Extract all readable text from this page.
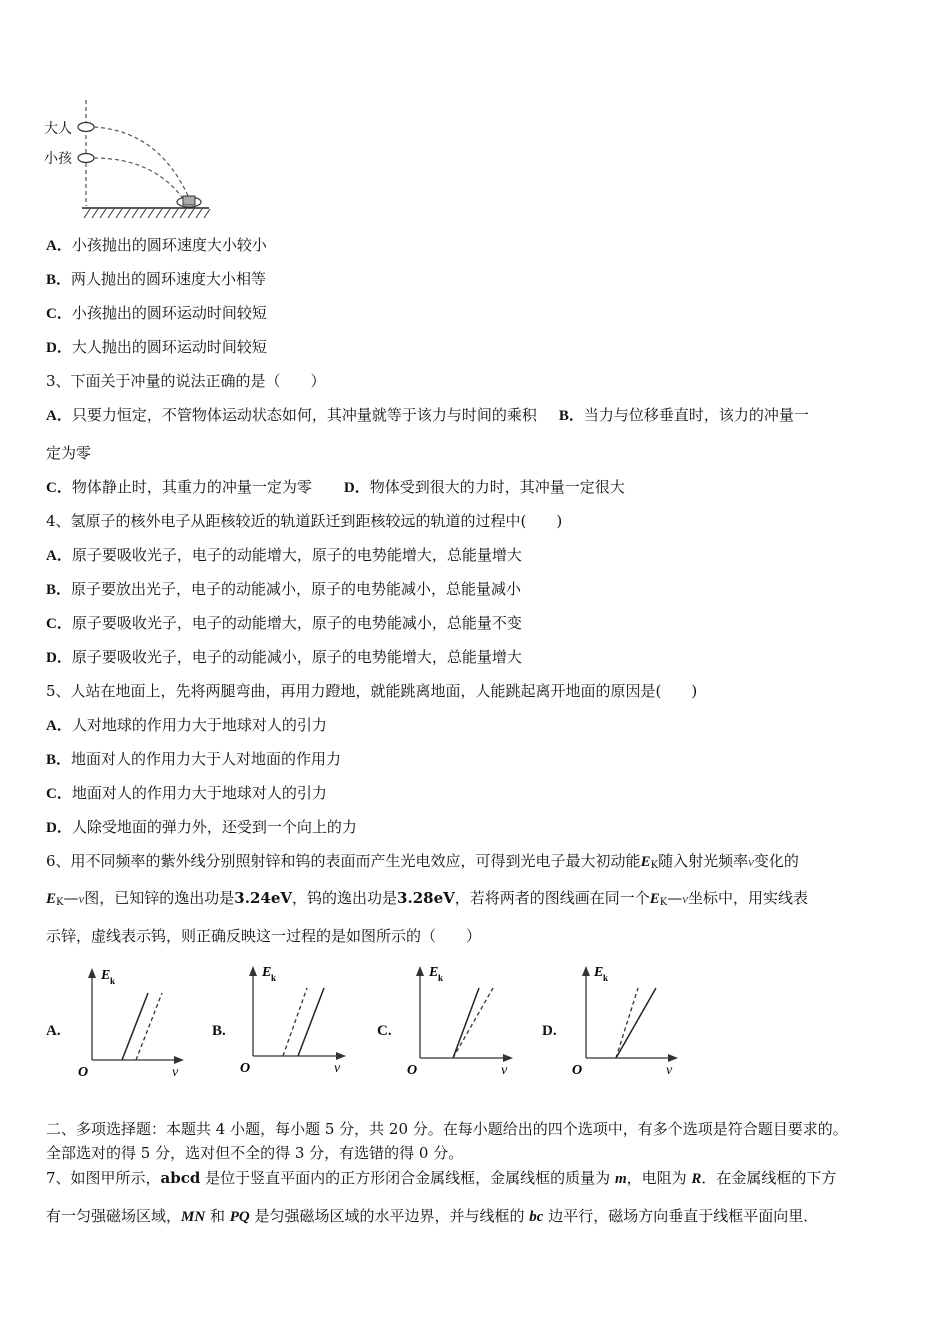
大人
小孩
A．小孩抛出的圆环速度大小较小
B．两人抛出的圆环速度大小相等
C．小孩抛出的圆环运动时间较短
D．大人抛出的圆环运动时间较短
3、下面关于冲量的说法正确的是（　　）
A．只要力恒定，不管物体运动状态如何，其冲量就等于该力与时间的乘积 B．当力与位移垂直时，该力的冲量一
定为零
C．物体静止时，其重力的冲量一定为零 D．物体受到很大的力时，其冲量一定很大
4、氢原子的核外电子从距核较近的轨道跃迁到距核较远的轨道的过程中(　　)
A．原子要吸收光子，电子的动能增大，原子的电势能增大，总能量增大
B．原子要放出光子，电子的动能减小，原子的电势能减小，总能量减小
C．原子要吸收光子，电子的动能增大，原子的电势能减小，总能量不变
D．原子要吸收光子，电子的动能减小，原子的电势能增大，总能量增大
5、人站在地面上，先将两腿弯曲，再用力蹬地，就能跳离地面，人能跳起离开地面的原因是(　　)
A．人对地球的作用力大于地球对人的引力
B．地面对人的作用力大于人对地面的作用力
C．地面对人的作用力大于地球对人的引力
D．人除受地面的弹力外，还受到一个向上的力
6、用不同频率的紫外线分别照射锌和钨的表面而产生光电效应，可得到光电子最大初动能$E_K$随入射光频率ν变化的
$E_K—\nu$图，已知锌的逸出功是3.24eV，钨的逸出功是3.28eV，若将两者的图线画在同一个$E_K—\nu$坐标中，用实线表
示锌，虚线表示钨，则正确反映这一过程的是如图所示的（　　）
A.
E k
O	v
B.
E k
O	v
C.
E k
O	v
D.
E k
O	v
二、多项选择题：本题共 4 小题，每小题 5 分，共 20 分。在每小题给出的四个选项中，有多个选项是符合题目要求的。
全部选对的得 5 分，选对但不全的得 3 分，有选错的得 0 分。
7、如图甲所示，abcd 是位于竖直平面内的正方形闭合金属线框，金属线框的质量为 m，电阻为 R．在金属线框的下方
有一匀强磁场区域，MN 和 PQ 是匀强磁场区域的水平边界，并与线框的 bc 边平行，磁场方向垂直于线框平面向里．
